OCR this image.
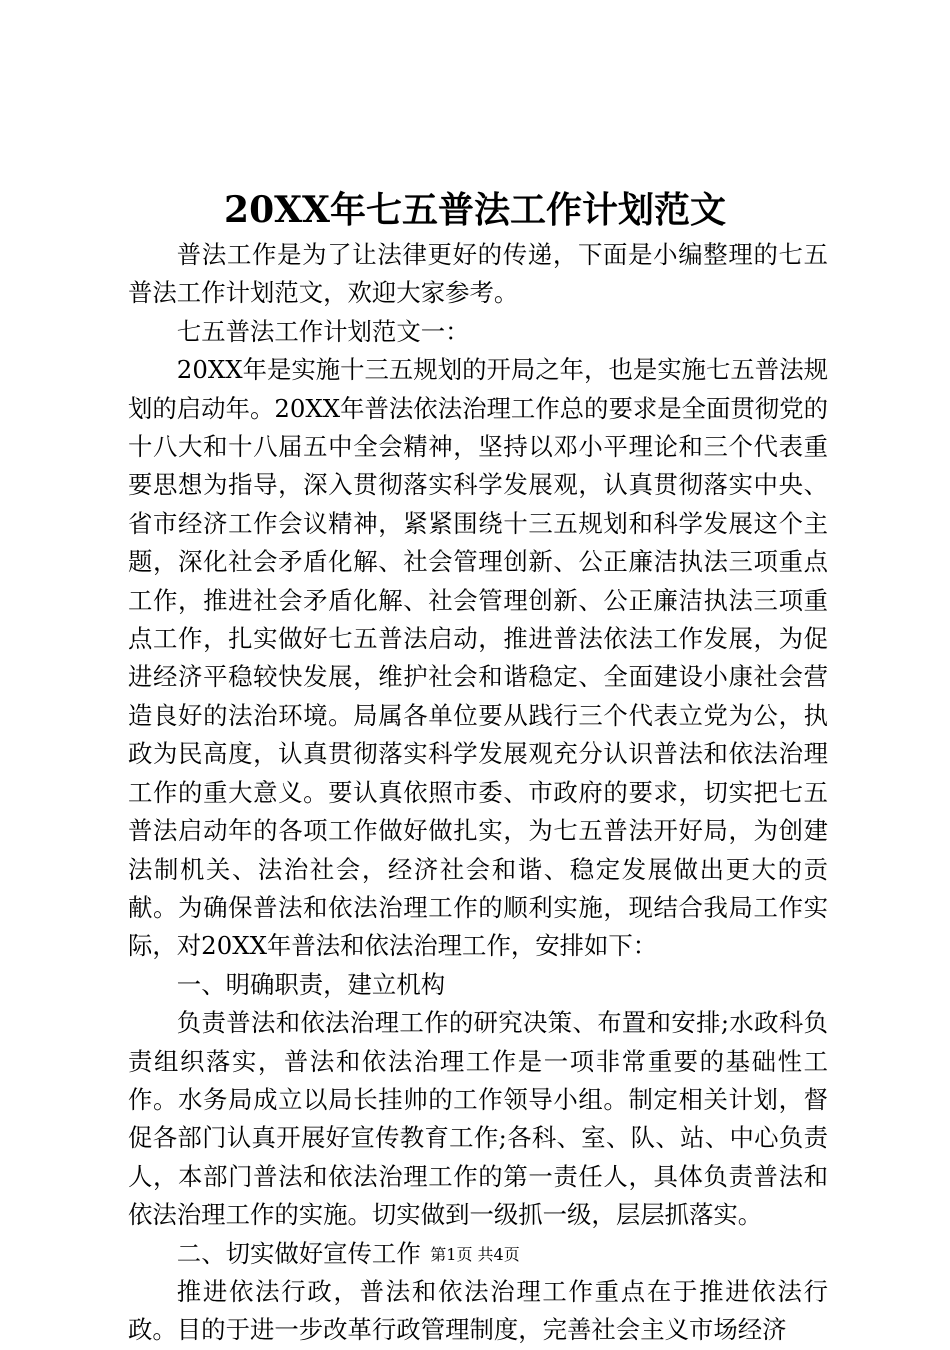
20XX年七五普法工作计划范文

普法工作是为了让法律更好的传递，下面是小编整理的七五普法工作计划范文，欢迎大家参考。

七五普法工作计划范文一：

20XX年是实施十三五规划的开局之年，也是实施七五普法规划的启动年。20XX年普法依法治理工作总的要求是全面贯彻党的十八大和十八届五中全会精神，坚持以邓小平理论和三个代表重要思想为指导，深入贯彻落实科学发展观，认真贯彻落实中央、省市经济工作会议精神，紧紧围绕十三五规划和科学发展这个主题，深化社会矛盾化解、社会管理创新、公正廉洁执法三项重点工作，推进社会矛盾化解、社会管理创新、公正廉洁执法三项重点工作，扎实做好七五普法启动，推进普法依法工作发展，为促进经济平稳较快发展，维护社会和谐稳定、全面建设小康社会营造良好的法治环境。局属各单位要从践行三个代表立党为公，执政为民高度，认真贯彻落实科学发展观充分认识普法和依法治理工作的重大意义。要认真依照市委、市政府的要求，切实把七五普法启动年的各项工作做好做扎实，为七五普法开好局，为创建法制机关、法治社会，经济社会和谐、稳定发展做出更大的贡献。为确保普法和依法治理工作的顺利实施，现结合我局工作实际，对20XX年普法和依法治理工作，安排如下：

一、明确职责，建立机构

负责普法和依法治理工作的研究决策、布置和安排;水政科负责组织落实，普法和依法治理工作是一项非常重要的基础性工作。水务局成立以局长挂帅的工作领导小组。制定相关计划，督促各部门认真开展好宣传教育工作;各科、室、队、站、中心负责人，本部门普法和依法治理工作的第一责任人，具体负责普法和依法治理工作的实施。切实做到一级抓一级，层层抓落实。

二、切实做好宣传工作

推进依法行政，普法和依法治理工作重点在于推进依法行政。目的于进一步改革行政管理制度，完善社会主义市场经济

第1页 共4页
